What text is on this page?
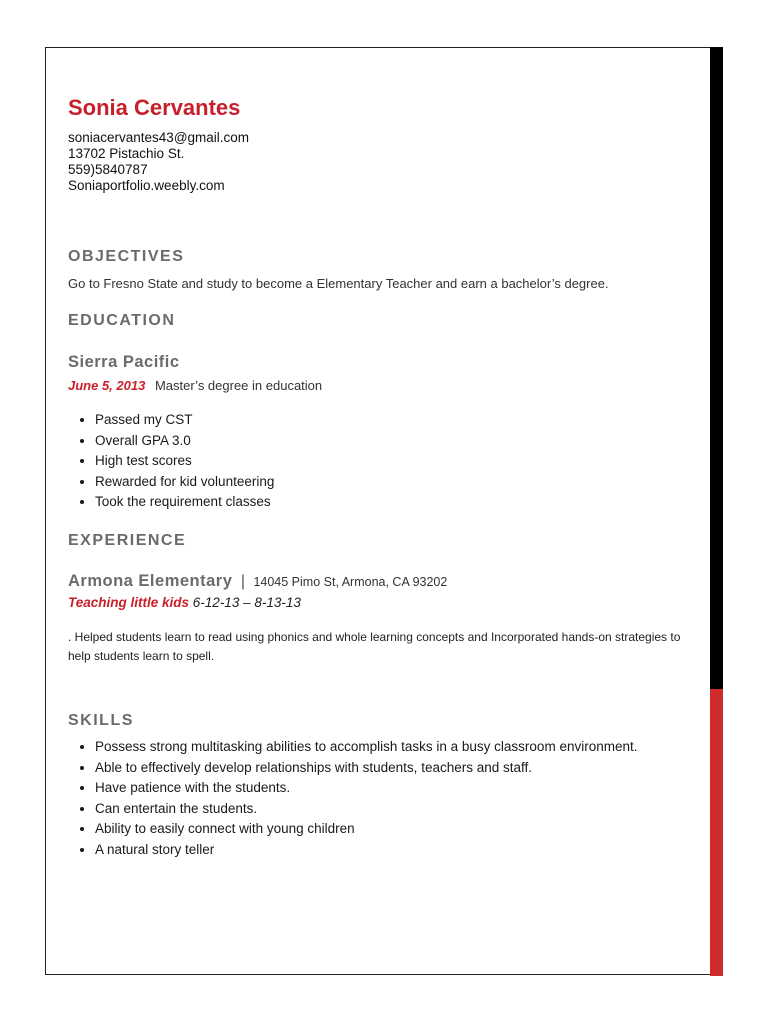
Sonia Cervantes
soniacervantes43@gmail.com
13702 Pistachio St.
559)5840787
Soniaportfolio.weebly.com
OBJECTIVES
Go to Fresno State and study to become a Elementary Teacher and earn a bachelor’s degree.
EDUCATION
Sierra Pacific
June 5, 2013 Master’s degree in education
• Passed my CST
• Overall GPA 3.0
• High test scores
• Rewarded for kid volunteering
• Took the requirement classes
EXPERIENCE
Armona Elementary | 14045 Pimo St, Armona, CA 93202
Teaching little kids 6-12-13 – 8-13-13
. Helped students learn to read using phonics and whole learning concepts and Incorporated hands-on strategies to help students learn to spell.
SKILLS
• Possess strong multitasking abilities to accomplish tasks in a busy classroom environment.
• Able to effectively develop relationships with students, teachers and staff.
• Have patience with the students.
• Can entertain the students.
• Ability to easily connect with young children
• A natural story teller
